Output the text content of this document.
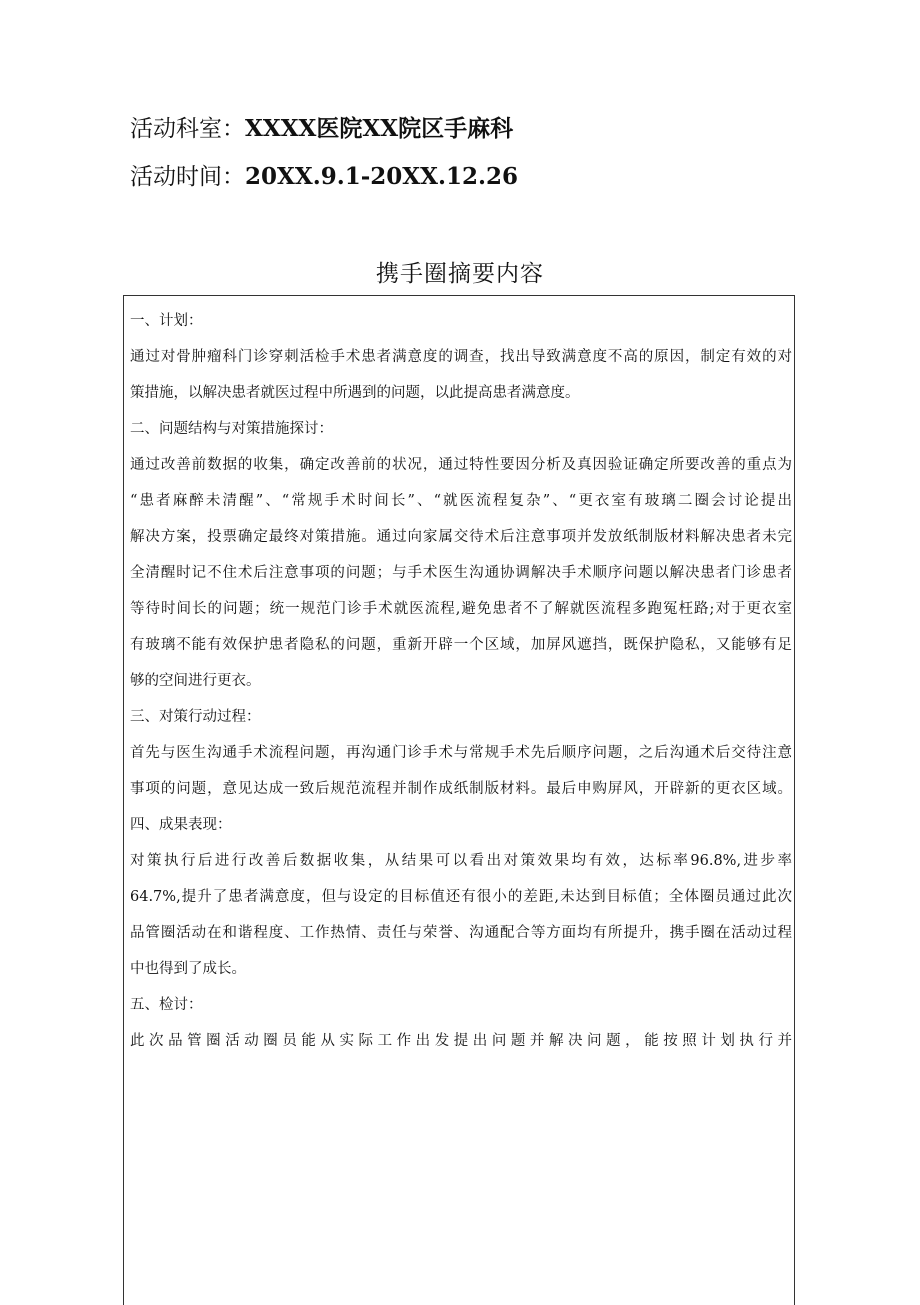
活动科室：XXXX医院XX院区手麻科
活动时间：20XX.9.1-20XX.12.26
携手圈摘要内容
一、计划：
通过对骨肿瘤科门诊穿刺活检手术患者满意度的调查，找出导致满意度不高的原因，制定有效的对
策措施，以解决患者就医过程中所遇到的问题，以此提高患者满意度。
二、问题结构与对策措施探讨：
通过改善前数据的收集，确定改善前的状况，通过特性要因分析及真因验证确定所要改善的重点为
“患者麻醉未清醒”、“常规手术时间长”、“就医流程复杂”、“更衣室有玻璃二圈会讨论提出
解决方案，投票确定最终对策措施。通过向家属交待术后注意事项并发放纸制版材料解决患者未完
全清醒时记不住术后注意事项的问题；与手术医生沟通协调解决手术顺序问题以解决患者门诊患者
等待时间长的问题；统一规范门诊手术就医流程,避免患者不了解就医流程多跑冤枉路;对于更衣室
有玻璃不能有效保护患者隐私的问题，重新开辟一个区域，加屏风遮挡，既保护隐私，又能够有足
够的空间进行更衣。
三、对策行动过程：
首先与医生沟通手术流程问题，再沟通门诊手术与常规手术先后顺序问题，之后沟通术后交待注意
事项的问题，意见达成一致后规范流程并制作成纸制版材料。最后申购屏风，开辟新的更衣区域。
四、成果表现：
对策执行后进行改善后数据收集，从结果可以看出对策效果均有效，达标率96.8%,进步率
64.7%,提升了患者满意度，但与设定的目标值还有很小的差距,未达到目标值；全体圈员通过此次
品管圈活动在和谐程度、工作热情、责任与荣誉、沟通配合等方面均有所提升，携手圈在活动过程
中也得到了成长。
五、检讨：
此次品管圈活动圈员能从实际工作出发提出问题并解决问题，能按照计划执行并
